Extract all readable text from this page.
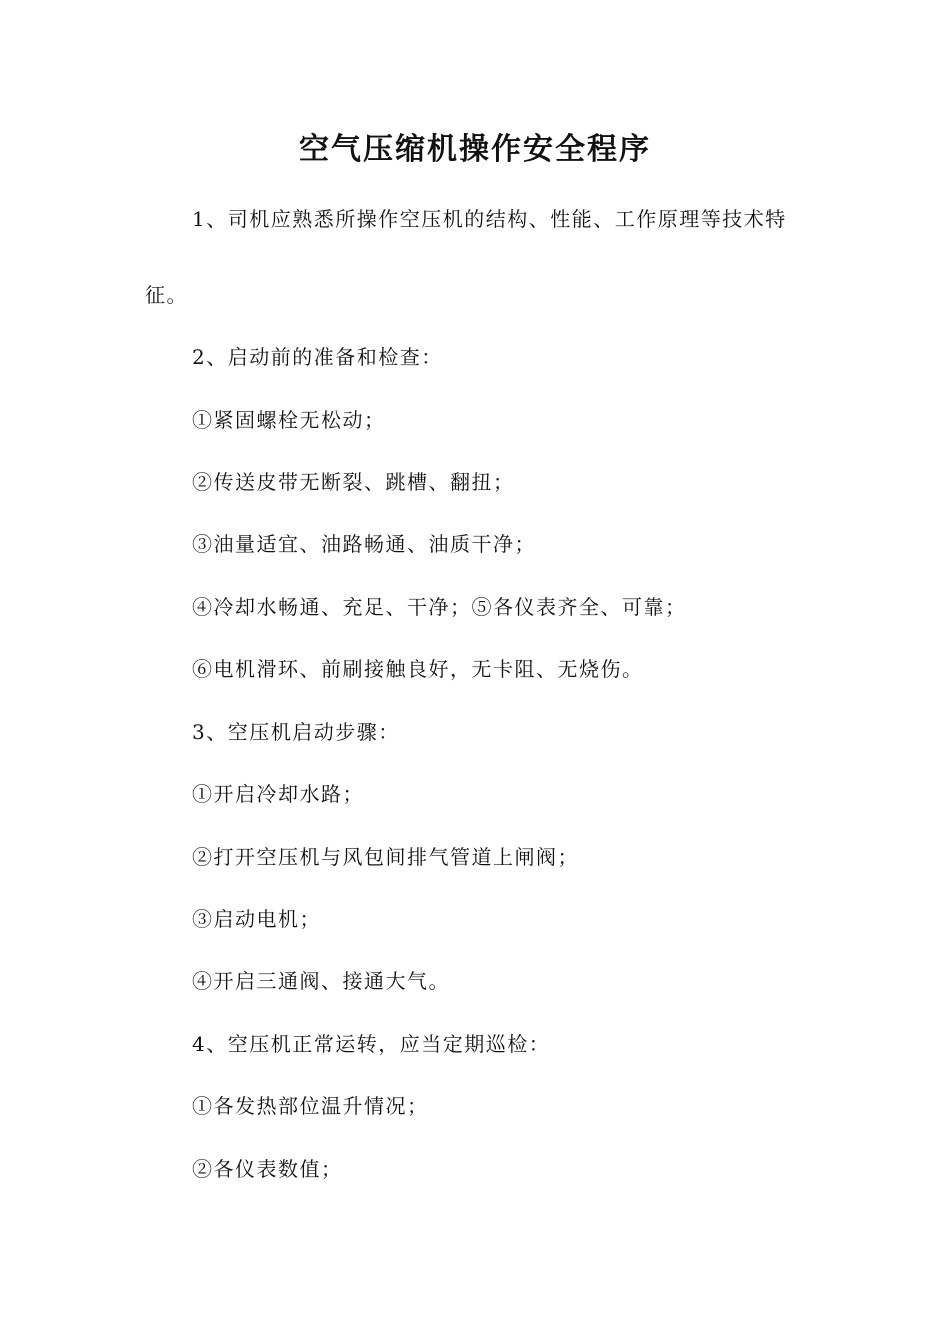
空气压缩机操作安全程序
1、司机应熟悉所操作空压机的结构、性能、工作原理等技术特
征。
2、启动前的准备和检查：
①紧固螺栓无松动；
②传送皮带无断裂、跳槽、翻扭；
③油量适宜、油路畅通、油质干净；
④冷却水畅通、充足、干净；⑤各仪表齐全、可靠；
⑥电机滑环、前刷接触良好，无卡阻、无烧伤。
3、空压机启动步骤：
①开启冷却水路；
②打开空压机与风包间排气管道上闸阀；
③启动电机；
④开启三通阀、接通大气。
4、空压机正常运转，应当定期巡检：
①各发热部位温升情况；
②各仪表数值；
